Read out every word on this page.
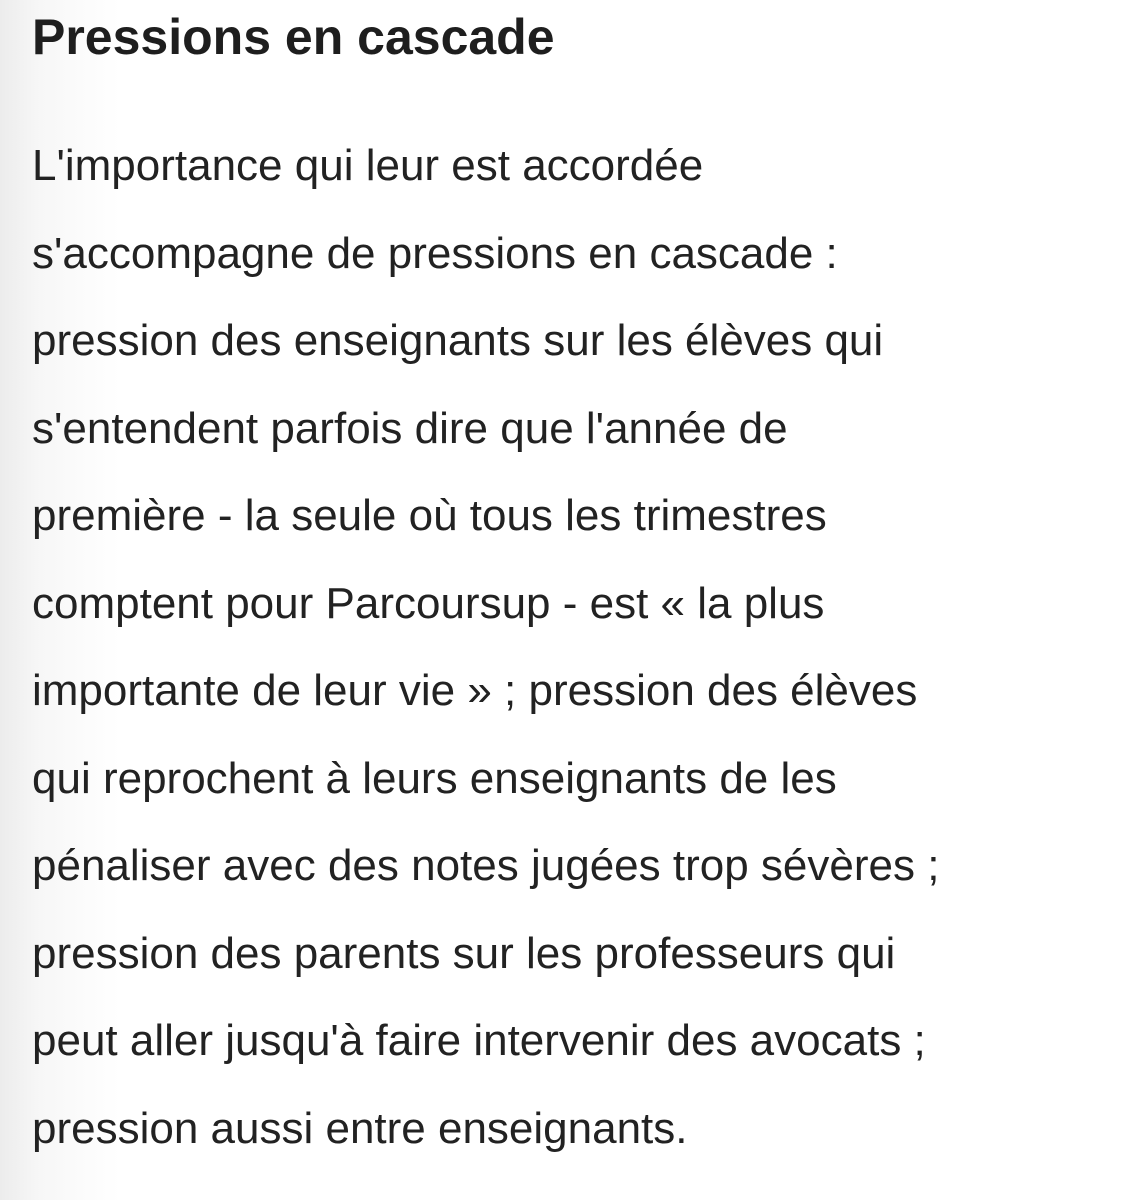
Pressions en cascade

L'importance qui leur est accordée
s'accompagne de pressions en cascade :
pression des enseignants sur les élèves qui
s'entendent parfois dire que l'année de
première - la seule où tous les trimestres
comptent pour Parcoursup - est « la plus
importante de leur vie » ; pression des élèves
qui reprochent à leurs enseignants de les
pénaliser avec des notes jugées trop sévères ;
pression des parents sur les professeurs qui
peut aller jusqu'à faire intervenir des avocats ;
pression aussi entre enseignants.
